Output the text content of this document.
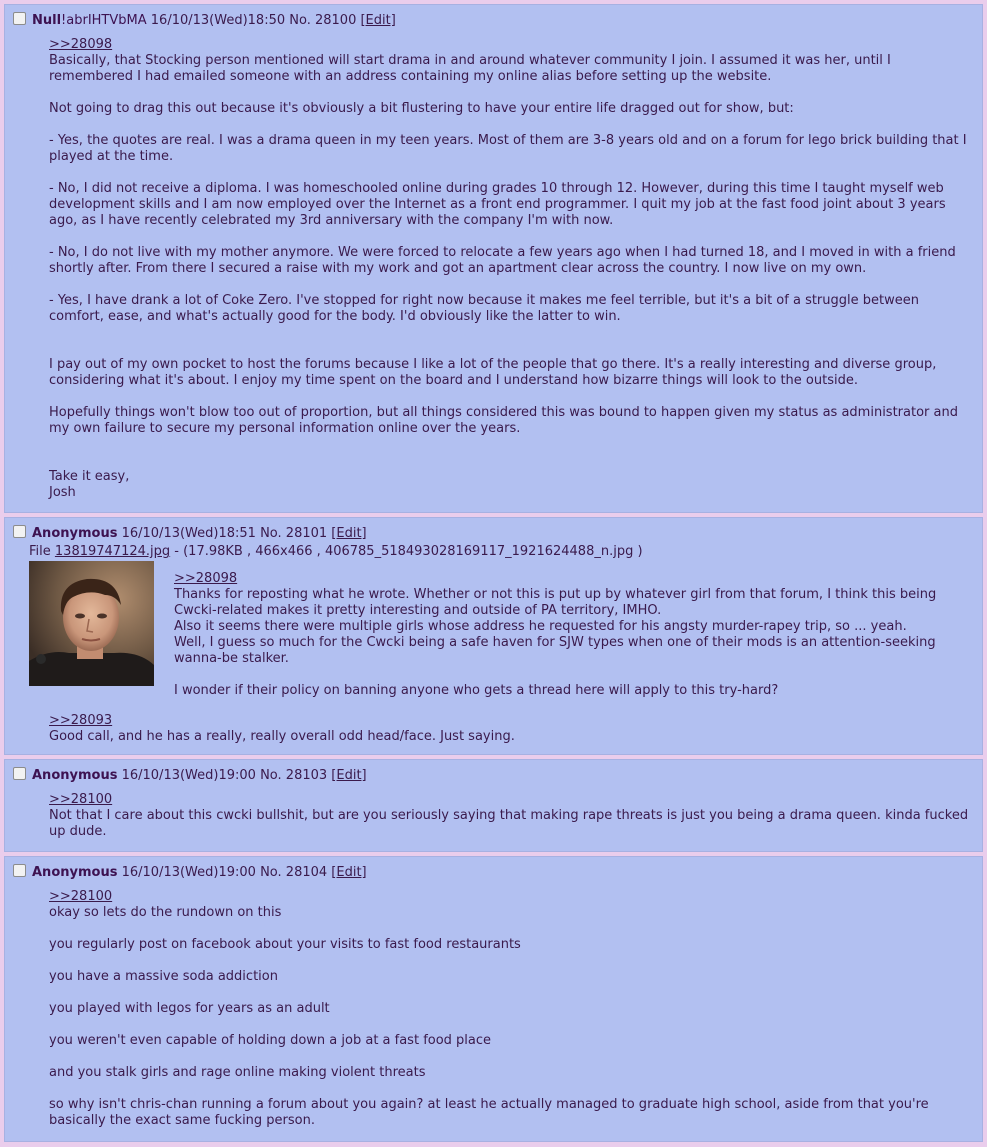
Null!abrIHTVbMA 16/10/13(Wed)18:50 No. 28100 [Edit]

>>28098

Basically, that Stocking person mentioned will start drama in and around whatever community I join. I assumed it was her, until I remembered I had emailed someone with an address containing my online alias before setting up the website.

Not going to drag this out because it's obviously a bit flustering to have your entire life dragged out for show, but:

- Yes, the quotes are real. I was a drama queen in my teen years. Most of them are 3-8 years old and on a forum for lego brick building that I played at the time.

- No, I did not receive a diploma. I was homeschooled online during grades 10 through 12. However, during this time I taught myself web development skills and I am now employed over the Internet as a front end programmer. I quit my job at the fast food joint about 3 years ago, as I have recently celebrated my 3rd anniversary with the company I'm with now.

- No, I do not live with my mother anymore. We were forced to relocate a few years ago when I had turned 18, and I moved in with a friend shortly after. From there I secured a raise with my work and got an apartment clear across the country. I now live on my own.

- Yes, I have drank a lot of Coke Zero. I've stopped for right now because it makes me feel terrible, but it's a bit of a struggle between comfort, ease, and what's actually good for the body. I'd obviously like the latter to win.

I pay out of my own pocket to host the forums because I like a lot of the people that go there. It's a really interesting and diverse group, considering what it's about. I enjoy my time spent on the board and I understand how bizarre things will look to the outside.

Hopefully things won't blow too out of proportion, but all things considered this was bound to happen given my status as administrator and my own failure to secure my personal information online over the years.

Take it easy,

Josh

Anonymous 16/10/13(Wed)18:51 No. 28101 [Edit]
File 13819747124.jpg - (17.98KB , 466x466 , 406785_518493028169117_1921624488_n.jpg )

>>28098

Thanks for reposting what he wrote. Whether or not this is put up by whatever girl from that forum, I think this being Cwcki-related makes it pretty interesting and outside of PA territory, IMHO.

Also it seems there were multiple girls whose address he requested for his angsty murder-rapey trip, so ... yeah.

Well, I guess so much for the Cwcki being a safe haven for SJW types when one of their mods is an attention-seeking wanna-be stalker.

I wonder if their policy on banning anyone who gets a thread here will apply to this try-hard?

>>28093

Good call, and he has a really, really overall odd head/face. Just saying.

Anonymous 16/10/13(Wed)19:00 No. 28103 [Edit]

>>28100

Not that I care about this cwcki bullshit, but are you seriously saying that making rape threats is just you being a drama queen. kinda fucked up dude.

Anonymous 16/10/13(Wed)19:00 No. 28104 [Edit]

>>28100

okay so lets do the rundown on this

you regularly post on facebook about your visits to fast food restaurants

you have a massive soda addiction

you played with legos for years as an adult

you weren't even capable of holding down a job at a fast food place

and you stalk girls and rage online making violent threats

so why isn't chris-chan running a forum about you again? at least he actually managed to graduate high school, aside from that you're basically the exact same fucking person.
